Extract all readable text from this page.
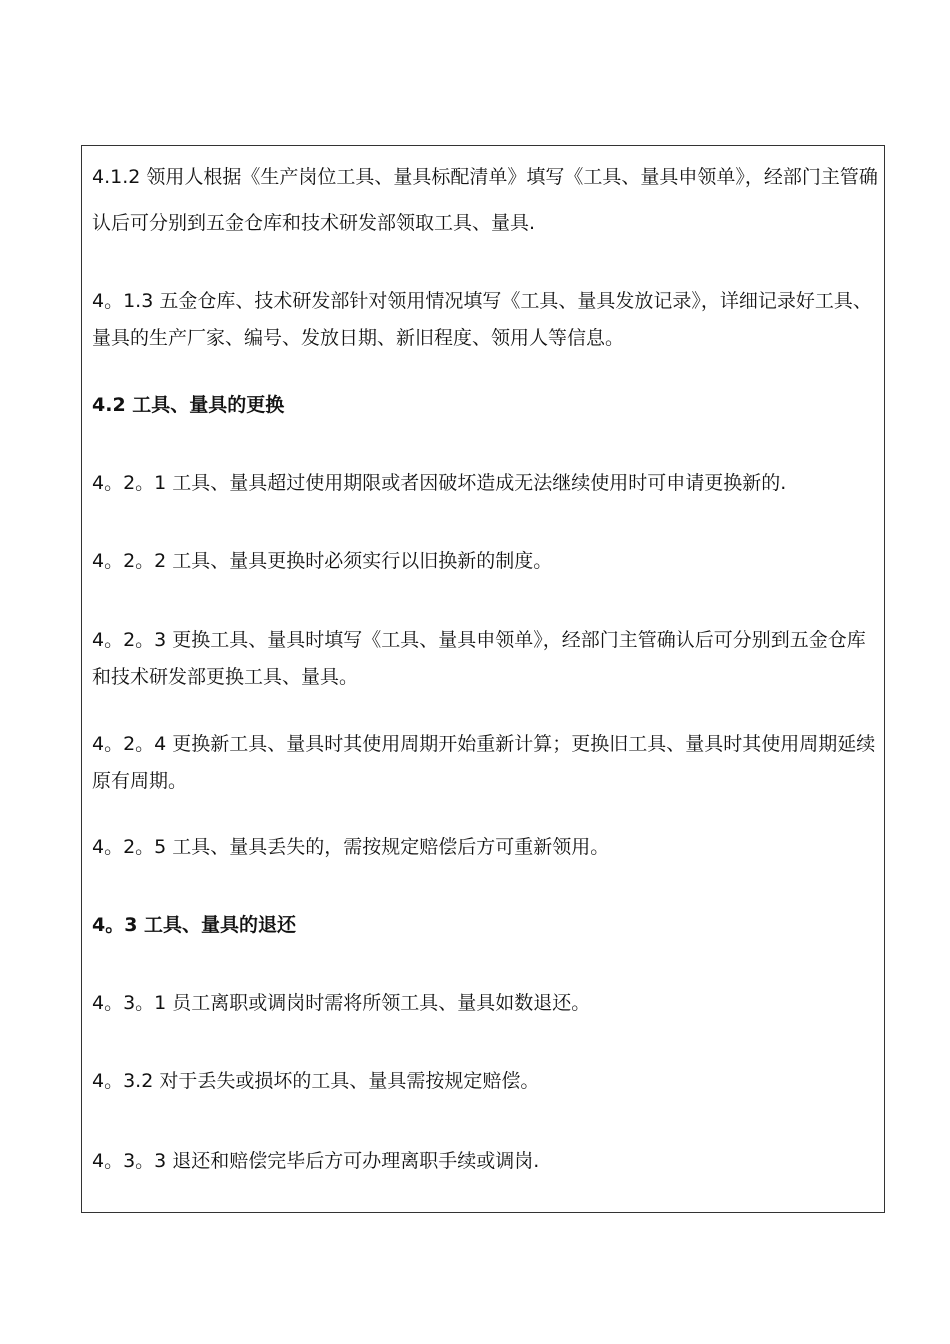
4.1.2 领用人根据《生产岗位工具、量具标配清单》填写《工具、量具申领单》，经部门主管确认后可分别到五金仓库和技术研发部领取工具、量具.

4。1.3 五金仓库、技术研发部针对领用情况填写《工具、量具发放记录》，详细记录好工具、量具的生产厂家、编号、发放日期、新旧程度、领用人等信息。

4.2 工具、量具的更换

4。2。1 工具、量具超过使用期限或者因破坏造成无法继续使用时可申请更换新的.

4。2。2 工具、量具更换时必须实行以旧换新的制度。

4。2。3 更换工具、量具时填写《工具、量具申领单》，经部门主管确认后可分别到五金仓库和技术研发部更换工具、量具。

4。2。4 更换新工具、量具时其使用周期开始重新计算；更换旧工具、量具时其使用周期延续原有周期。

4。2。5 工具、量具丢失的，需按规定赔偿后方可重新领用。

4。3 工具、量具的退还

4。3。1 员工离职或调岗时需将所领工具、量具如数退还。

4。3.2 对于丢失或损坏的工具、量具需按规定赔偿。

4。3。3 退还和赔偿完毕后方可办理离职手续或调岗.
